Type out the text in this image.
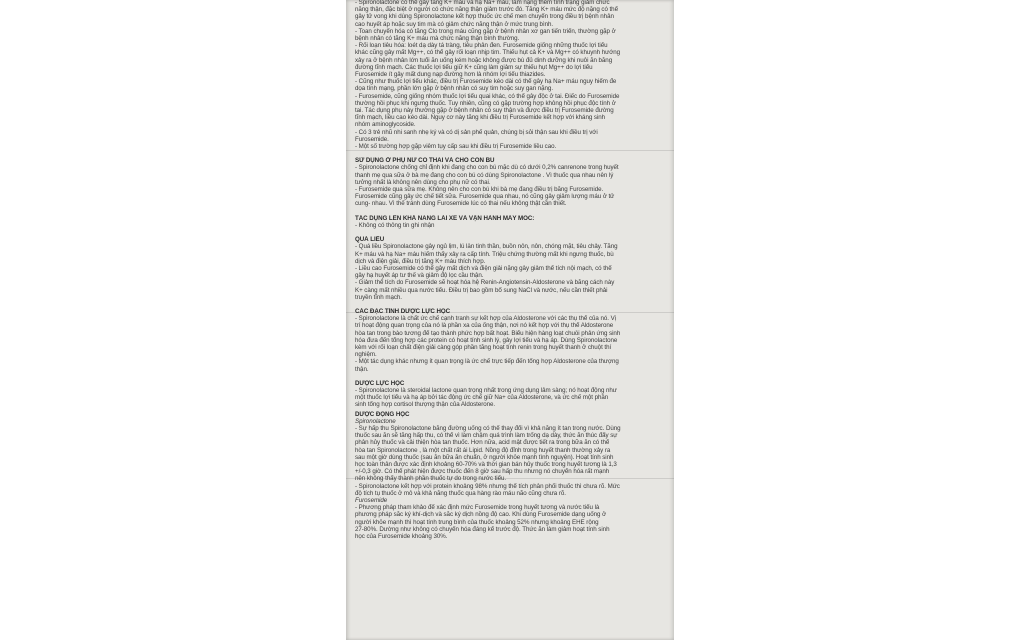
- Spironolactone có thể gây tăng K+ máu và hạ Na+ máu, làm nặng thêm tình trạng giảm chức
năng thận, đặc biệt ở người có chức năng thận giảm trước đó. Tăng K+ máu mức độ nặng có thể
gây tử vong khi dùng Spironolactone kết hợp thuốc ức chế men chuyển trong điều trị bệnh nhân
cao huyết áp hoặc suy tim mà có giảm chức năng thận ở mức trung bình.
- Toan chuyển hóa có tăng Clo trong máu cũng gặp ở bệnh nhân xơ gan tiến triển, thường gặp ở
bệnh nhân có tăng K+ máu mà chức năng thận bình thường.
- Rối loạn tiêu hóa: loét dạ dày tá tràng, tiêu phân đen. Furosemide giống những thuốc lợi tiểu
khác cũng gây mất Mg++, có thể gây rối loạn nhịp tim. Thiếu hụt cả K+ và Mg++ có khuynh hướng
xảy ra ở bệnh nhân lớn tuổi ăn uống kém hoặc không được bù đủ dinh dưỡng khi nuôi ăn bằng
đường tĩnh mạch. Các thuốc lợi tiểu giữ K+ cũng làm giảm sự thiếu hụt Mg++ do lợi tiểu
Furosemide ít gây mất dung nạp đường hơn là nhóm lợi tiểu thiazides.
- Cũng như thuốc lợi tiểu khác, điều trị Furosemide kéo dài có thể gây hạ Na+ máu nguy hiểm đe
dọa tính mạng, phần lớn gặp ở bệnh nhân có suy tim hoặc suy gan nặng.
- Furosemide, cũng giống nhóm thuốc lợi tiểu quai khác, có thể gây độc ở tai. Điếc do Furosemide
thường hồi phục khi ngưng thuốc. Tuy nhiên, cũng có gặp trường hợp không hồi phục độc tính ở
tai. Tác dụng phụ này thường gặp ở bệnh nhân có suy thận và được điều trị Furosemide đường
tĩnh mạch, liều cao kéo dài. Nguy cơ này tăng khi điều trị Furosemide kết hợp với kháng sinh
nhóm aminoglycoside.
- Có 3 trẻ nhũ nhi sanh nhẹ ký và có dị sản phế quản, chúng bị sỏi thận sau khi điều trị với
Furosemide.
- Một số trường hợp gặp viêm tụy cấp sau khi điều trị Furosemide liều cao.
SỬ DỤNG Ở PHỤ NỮ CÓ THAI VÀ CHO CON BÚ
- Spironolactone chống chỉ định khi đang cho con bú mặc dù có dưới 0,2% canrenone trong huyết
thanh mẹ qua sữa ở bà mẹ đang cho con bú có dùng Spironolactone . Vì thuốc qua nhau nên lý
tưởng nhất là không nên dùng cho phụ nữ có thai.
- Furosemide qua sữa mẹ. Không nên cho con bú khi bà mẹ đang điều trị bằng Furosemide.
Furosemide cũng gây ức chế tiết sữa. Furosemide qua nhau, nó cũng gây giảm lượng máu ở tử
cung- nhau. Vì thế tránh dùng Furosemide lúc có thai nếu không thật cần thiết.
TÁC DỤNG LÊN KHẢ NĂNG LÁI XE VÀ VẬN HÀNH MÁY MÓC:
- Không có thông tin ghi nhận
QUÁ LIỀU
- Quá liều Spironolactone gây ngủ lịm, lú lẫn tinh thần, buồn nôn, nôn, chóng mặt, tiêu chảy. Tăng
K+ máu và hạ Na+ máu hiếm thấy xảy ra cấp tính. Triệu chứng thường mất khi ngưng thuốc, bù
dịch và điện giải, điều trị tăng K+ máu thích hợp.
- Liều cao Furosemide có thể gây mất dịch và điện giải nặng gây giảm thể tích nội mạch, có thể
gây hạ huyết áp tư thế và giảm độ lọc cầu thận.
- Giảm thể tích do Furosemide sẽ hoạt hóa hệ Renin-Angiotensin-Aldosterone và bằng cách này
K+ càng mất nhiều qua nước tiểu. Điều trị bao gồm bổ sung NaCl và nước, nếu cần thiết phải
truyền tĩnh mạch.
CÁC ĐẶC TÍNH DƯỢC LỰC HỌC
- Spironolactone là chất ức chế cạnh tranh sự kết hợp của Aldosterone với các thụ thể của nó. Vị
trí hoạt động quan trọng của nó là phần xa của ống thận, nơi nó kết hợp với thụ thể Aldosterone
hòa tan trong bào tương để tạo thành phức hợp bất hoạt. Biểu hiện hàng loạt chuỗi phản ứng sinh
hóa đưa đến tổng hợp các protein có hoạt tính sinh lý, gây lợi tiểu và hạ áp. Dùng Spironolactone
kèm với rối loạn chất điện giải càng góp phần tăng hoạt tính renin trong huyết thanh ở chuột thí
nghiệm.
- Một tác dụng khác nhưng ít quan trọng là ức chế trực tiếp đến tổng hợp Aldosterone của thượng
thận.
DƯỢC LỰC HỌC
- Spironolactone là steroidal lactone quan trọng nhất trong ứng dụng lâm sàng; nó hoạt động như
một thuốc lợi tiểu và hạ áp bởi tác động ức chế giữ Na+ của Aldosterone, và ức chế một phần
sinh tổng hợp cortisol thượng thận của Aldosterone.
DƯỢC ĐỘNG HỌC
Spironolactone
- Sự hấp thu Spironolactone bằng đường uống có thể thay đổi vì khả năng ít tan trong nước. Dùng
thuốc sau ăn sẽ tăng hấp thu, có thể vì làm chậm quá trình làm trống dạ dày, thức ăn thúc đẩy sự
phân hủy thuốc và cải thiện hòa tan thuốc. Hơn nữa, acid mật được tiết ra trong bữa ăn có thể
hòa tan Spironolactone , là một chất rất ái Lipid. Nồng độ đỉnh trong huyết thanh thường xảy ra
sau một giờ dùng thuốc (sau ăn bữa ăn chuẩn, ở người khỏe mạnh tình nguyện). Hoạt tính sinh
học toàn thân được xác định khoảng 60-70% và thời gian bán hủy thuốc trong huyết tương là 1,3
+/-0,3 giờ. Có thể phát hiện được thuốc đến 8 giờ sau hấp thu nhưng nó chuyển hóa rất mạnh
nên không thấy thành phần thuốc tự do trong nước tiểu.
- Spironolactone kết hợp với protein khoảng 98% nhưng thể tích phân phối thuốc thì chưa rõ. Mức
độ tích tụ thuốc ở mô và khả năng thuốc qua hàng rào máu não cũng chưa rõ.
Furosemide
- Phương pháp tham khảo để xác định mức Furosemide trong huyết tương và nước tiểu là
phương pháp sắc ký khí-dịch và sắc ký dịch nồng độ cao. Khi dùng Furosemide dạng uống ở
người khỏe mạnh thì hoạt tính trung bình của thuốc khoảng 52% nhưng khoảng EHE rộng
27-80%. Dường như không có chuyển hóa đáng kể trước độ. Thức ăn làm giảm hoạt tính sinh
học của Furosemide khoảng 30%.
